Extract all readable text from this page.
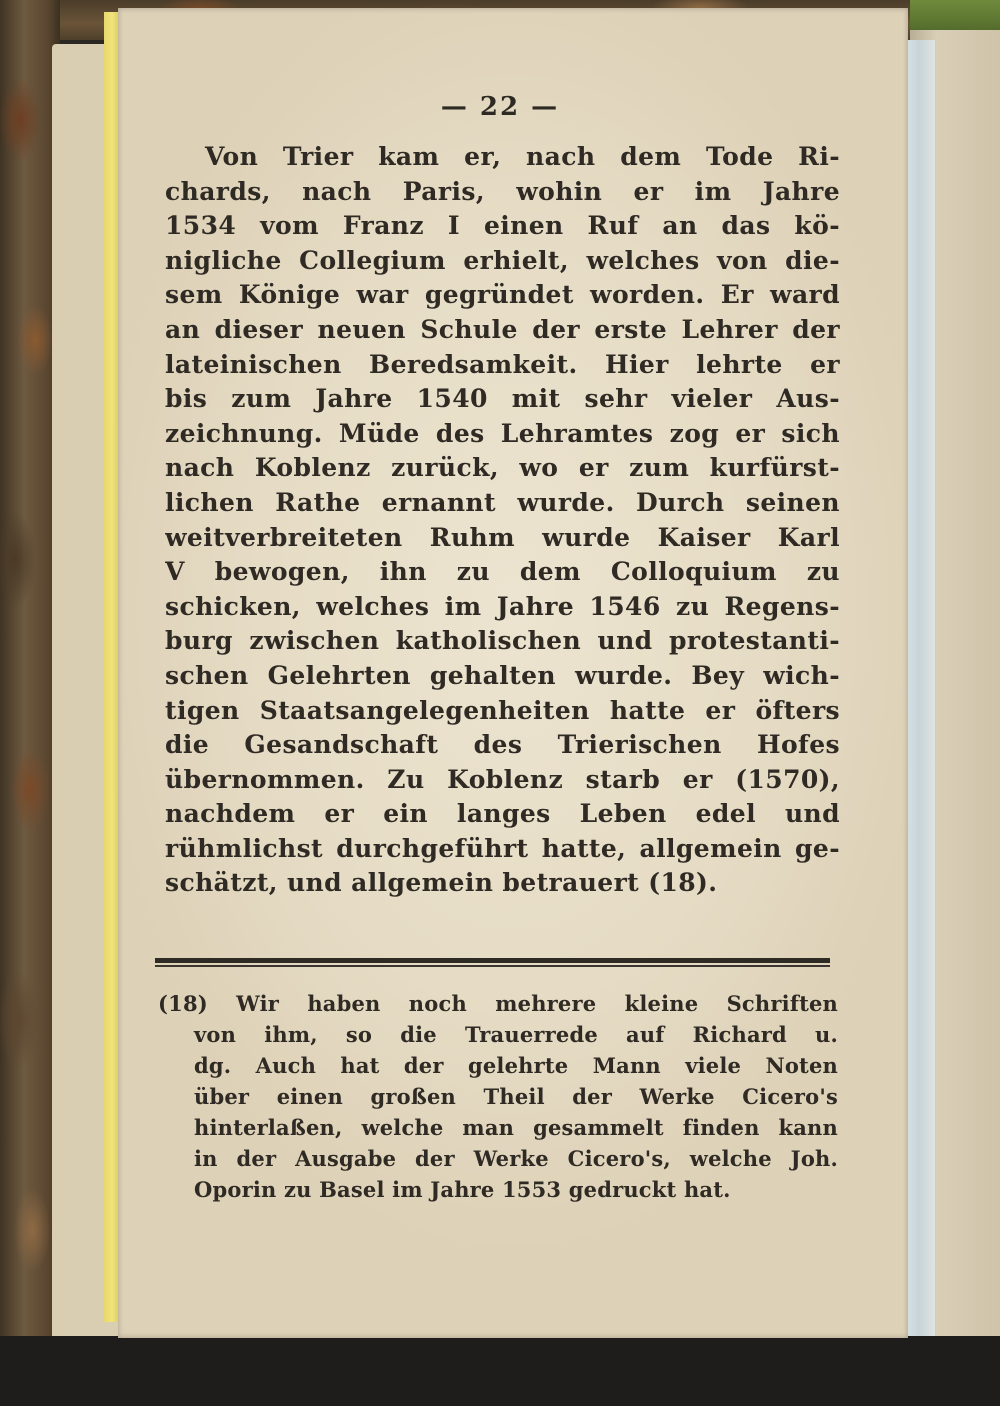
— 22 —
Von Trier kam er, nach dem Tode Ri-
chards, nach Paris, wohin er im Jahre
1534 vom Franz I einen Ruf an das kö-
nigliche Collegium erhielt, welches von die-
sem Könige war gegründet worden. Er ward
an dieser neuen Schule der erste Lehrer der
lateinischen Beredsamkeit. Hier lehrte er
bis zum Jahre 1540 mit sehr vieler Aus-
zeichnung. Müde des Lehramtes zog er sich
nach Koblenz zurück, wo er zum kurfürst-
lichen Rathe ernannt wurde. Durch seinen
weitverbreiteten Ruhm wurde Kaiser Karl
V bewogen, ihn zu dem Colloquium zu
schicken, welches im Jahre 1546 zu Regens-
burg zwischen katholischen und protestanti-
schen Gelehrten gehalten wurde. Bey wich-
tigen Staatsangelegenheiten hatte er öfters
die Gesandschaft des Trierischen Hofes
übernommen. Zu Koblenz starb er (1570),
nachdem er ein langes Leben edel und
rühmlichst durchgeführt hatte, allgemein ge-
schätzt, und allgemein betrauert (18).
(18) Wir haben noch mehrere kleine Schriften
von ihm, so die Trauerrede auf Richard u.
dg. Auch hat der gelehrte Mann viele Noten
über einen großen Theil der Werke Cicero's
hinterlaßen, welche man gesammelt finden kann
in der Ausgabe der Werke Cicero's, welche Joh.
Oporin zu Basel im Jahre 1553 gedruckt hat.
